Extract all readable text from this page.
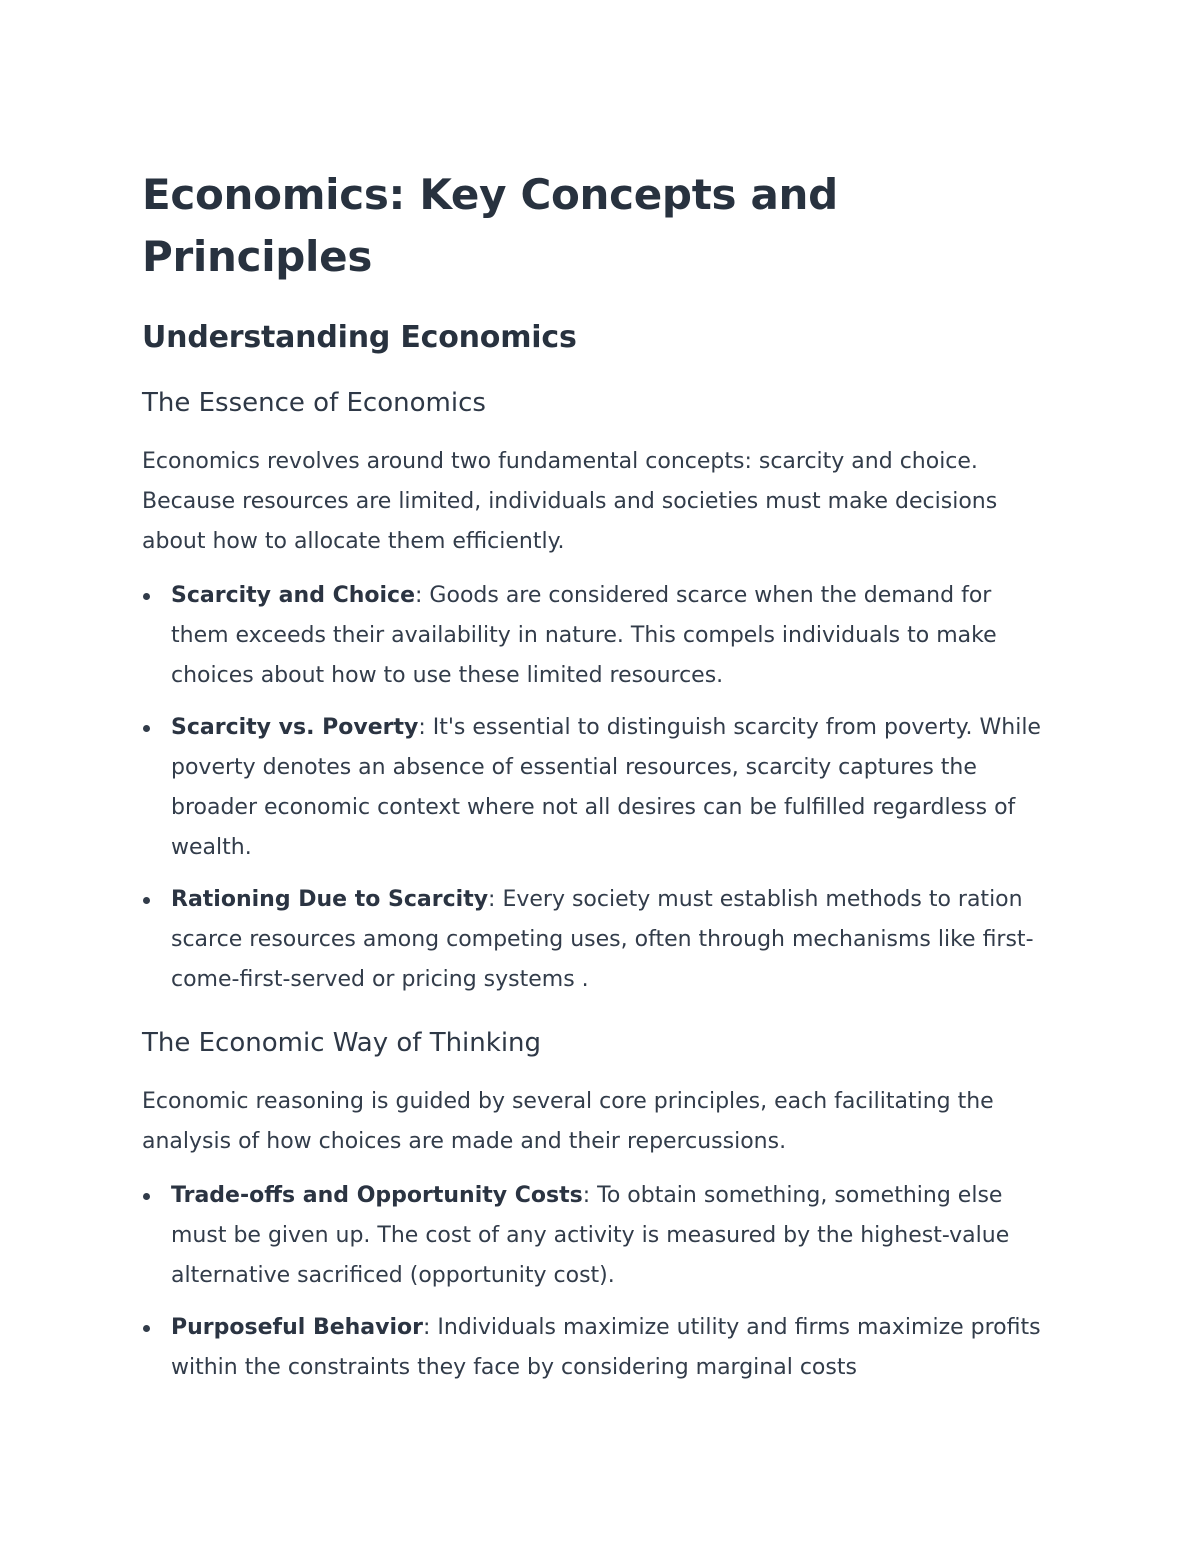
Economics: Key Concepts and Principles
Understanding Economics
The Essence of Economics

Economics revolves around two fundamental concepts: scarcity and choice. Because resources are limited, individuals and societies must make decisions about how to allocate them efficiently.

Scarcity and Choice: Goods are considered scarce when the demand for them exceeds their availability in nature. This compels individuals to make choices about how to use these limited resources.
Scarcity vs. Poverty: It's essential to distinguish scarcity from poverty. While poverty denotes an absence of essential resources, scarcity captures the broader economic context where not all desires can be fulfilled regardless of wealth.
Rationing Due to Scarcity: Every society must establish methods to ration scarce resources among competing uses, often through mechanisms like first-come-first-served or pricing systems .
The Economic Way of Thinking

Economic reasoning is guided by several core principles, each facilitating the analysis of how choices are made and their repercussions.

Trade-offs and Opportunity Costs: To obtain something, something else must be given up. The cost of any activity is measured by the highest-value alternative sacrificed (opportunity cost).
Purposeful Behavior: Individuals maximize utility and firms maximize profits within the constraints they face by considering marginal costs
